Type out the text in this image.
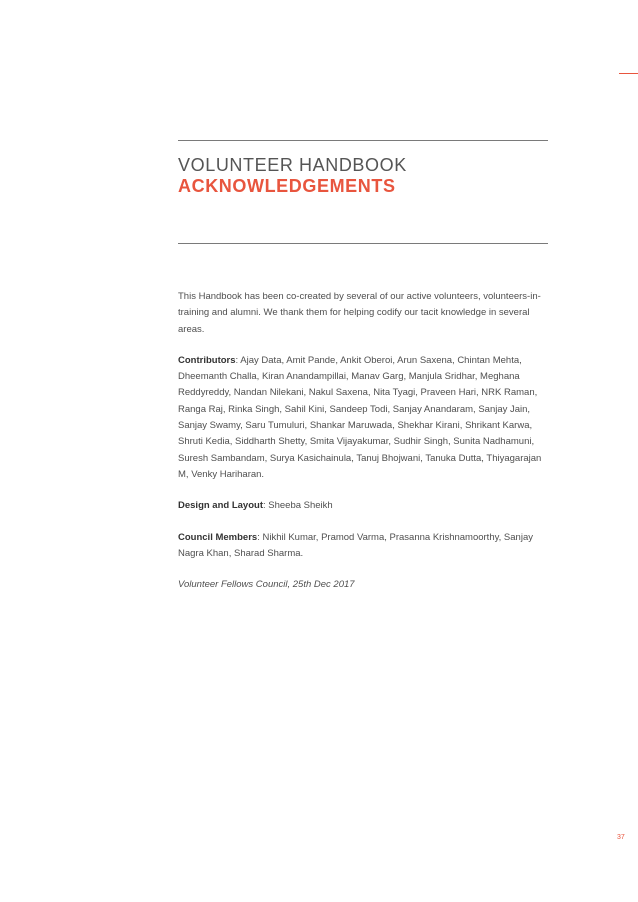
VOLUNTEER HANDBOOK
ACKNOWLEDGEMENTS

This Handbook has been co-created by several of our active volunteers, volunteers-in-training and alumni. We thank them for helping codify our tacit knowledge in several areas.

Contributors: Ajay Data, Amit Pande, Ankit Oberoi, Arun Saxena, Chintan Mehta, Dheemanth Challa, Kiran Anandampillai, Manav Garg, Manjula Sridhar, Meghana Reddyreddy, Nandan Nilekani, Nakul Saxena, Nita Tyagi, Praveen Hari, NRK Raman, Ranga Raj, Rinka Singh, Sahil Kini, Sandeep Todi, Sanjay Anandaram, Sanjay Jain, Sanjay Swamy, Saru Tumuluri, Shankar Maruwada, Shekhar Kirani, Shrikant Karwa, Shruti Kedia, Siddharth Shetty, Smita Vijayakumar, Sudhir Singh, Sunita Nadhamuni, Suresh Sambandam, Surya Kasichainula, Tanuj Bhojwani, Tanuka Dutta, Thiyagarajan M, Venky Hariharan.

Design and Layout: Sheeba Sheikh

Council Members: Nikhil Kumar, Pramod Varma, Prasanna Krishnamoorthy, Sanjay Nagra Khan, Sharad Sharma.

Volunteer Fellows Council, 25th Dec 2017

37
